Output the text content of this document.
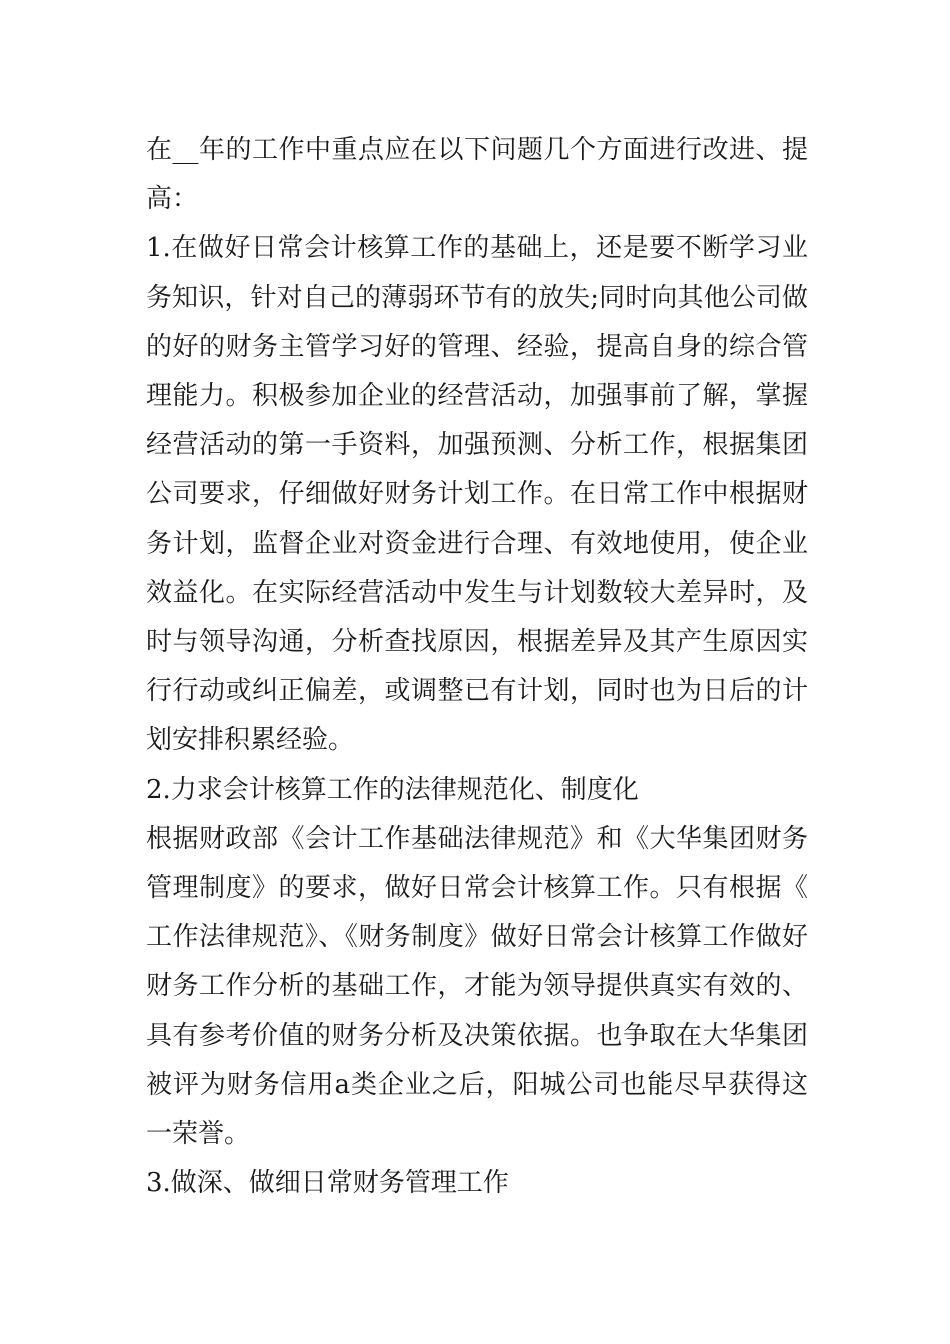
在__年的工作中重点应在以下问题几个方面进行改进、提高：

1.在做好日常会计核算工作的基础上，还是要不断学习业务知识，针对自己的薄弱环节有的放失;同时向其他公司做的好的财务主管学习好的管理、经验，提高自身的综合管理能力。积极参加企业的经营活动，加强事前了解，掌握经营活动的第一手资料，加强预测、分析工作，根据集团公司要求，仔细做好财务计划工作。在日常工作中根据财务计划，监督企业对资金进行合理、有效地使用，使企业效益化。在实际经营活动中发生与计划数较大差异时，及时与领导沟通，分析查找原因，根据差异及其产生原因实行行动或纠正偏差，或调整已有计划，同时也为日后的计划安排积累经验。

2.力求会计核算工作的法律规范化、制度化

根据财政部《会计工作基础法律规范》和《大华集团财务管理制度》的要求，做好日常会计核算工作。只有根据《工作法律规范》、《财务制度》做好日常会计核算工作做好财务工作分析的基础工作，才能为领导提供真实有效的、具有参考价值的财务分析及决策依据。也争取在大华集团被评为财务信用a类企业之后，阳城公司也能尽早获得这一荣誉。

3.做深、做细日常财务管理工作
